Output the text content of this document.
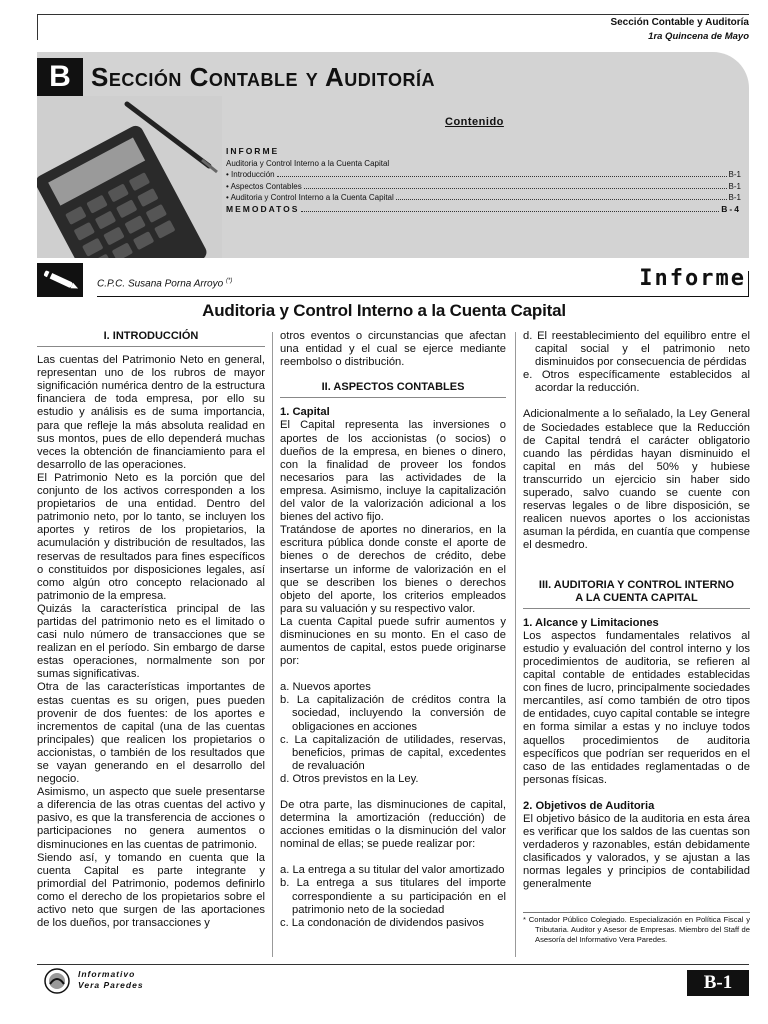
Sección Contable y Auditoría
1ra Quincena de Mayo
B Sección Contable y Auditoría
Contenido
INFORME
Auditoria y Control Interno a la Cuenta Capital
• Introducción	B-1
• Aspectos Contables	B-1
• Auditoria y Control Interno a la Cuenta Capital	B-1
MEMODATOS	B-4
C.P.C. Susana Porna Arroyo (*)	Informe
Auditoria y Control Interno a la Cuenta Capital

I. INTRODUCCIÓN

Las cuentas del Patrimonio Neto en general, representan uno de los rubros de mayor significación numérica dentro de la estructura financiera de toda empresa, por ello su estudio y análisis es de suma importancia, para que refleje la más absoluta realidad en sus montos, pues de ello dependerá muchas veces la obtención de financiamiento para el desarrollo de las operaciones.

El Patrimonio Neto es la porción que del conjunto de los activos corresponden a los propietarios de una entidad. Dentro del patrimonio neto, por lo tanto, se incluyen los aportes y retiros de los propietarios, la acumulación y distribución de resultados, las reservas de resultados para fines específicos o constituidos por disposiciones legales, así como algún otro concepto relacionado al patrimonio de la empresa.

Quizás la característica principal de las partidas del patrimonio neto es el limitado o casi nulo número de transacciones que se realizan en el período. Sin embargo de darse estas operaciones, normalmente son por sumas significativas.

Otra de las características importantes de estas cuentas es su origen, pues pueden provenir de dos fuentes: de los aportes e incrementos de capital (una de las cuentas principales) que realicen los propietarios o accionistas, o también de los resultados que se vayan generando en el desarrollo del negocio.

Asimismo, un aspecto que suele presentarse a diferencia de las otras cuentas del activo y pasivo, es que la transferencia de acciones o participaciones no genera aumentos o disminuciones en las cuentas de patrimonio.

Siendo así, y tomando en cuenta que la cuenta Capital es parte integrante y primordial del Patrimonio, podemos definirlo como el derecho de los propietarios sobre el activo neto que surgen de las aportaciones de los dueños, por transacciones y

otros eventos o circunstancias que afectan una entidad y el cual se ejerce mediante reembolso o distribución.

II. ASPECTOS CONTABLES

1. Capital

El Capital representa las inversiones o aportes de los accionistas (o socios) o dueños de la empresa, en bienes o dinero, con la finalidad de proveer los fondos necesarios para las actividades de la empresa. Asimismo, incluye la capitalización del valor de la valorización adicional a los bienes del activo fijo.

Tratándose de aportes no dinerarios, en la escritura pública donde conste el aporte de bienes o de derechos de crédito, debe insertarse un informe de valorización en el que se describen los bienes o derechos objeto del aporte, los criterios empleados para su valuación y su respectivo valor.

La cuenta Capital puede sufrir aumentos y disminuciones en su monto. En el caso de aumentos de capital, estos puede originarse por:

a. Nuevos aportes

b. La capitalización de créditos contra la sociedad, incluyendo la conversión de obligaciones en acciones

c. La capitalización de utilidades, reservas, beneficios, primas de capital, excedentes de revaluación

d. Otros previstos en la Ley.

De otra parte, las disminuciones de capital, determina la amortización (reducción) de acciones emitidas o la disminución del valor nominal de ellas; se puede realizar por:

a. La entrega a su titular del valor amortizado

b. La entrega a sus titulares del importe correspondiente a su participación en el patrimonio neto de la sociedad

c. La condonación de dividendos pasivos

d. El reestablecimiento del equilibro entre el capital social y el patrimonio neto disminuidos por consecuencia de pérdidas

e. Otros específicamente establecidos al acordar la reducción.

Adicionalmente a lo señalado, la Ley General de Sociedades establece que la Reducción de Capital tendrá el carácter obligatorio cuando las pérdidas hayan disminuido el capital en más del 50% y hubiese transcurrido un ejercicio sin haber sido superado, salvo cuando se cuente con reservas legales o de libre disposición, se realicen nuevos aportes o los accionistas asuman la pérdida, en cuantía que compense el desmedro.

III. AUDITORIA Y CONTROL INTERNO

A LA CUENTA CAPITAL

1. Alcance y Limitaciones

Los aspectos fundamentales relativos al estudio y evaluación del control interno y los procedimientos de auditoria, se refieren al capital contable de entidades establecidas con fines de lucro, principalmente sociedades mercantiles, así como también de otro tipos de entidades, cuyo capital contable se integre en forma similar a estas y no incluye todos aquellos procedimientos de auditoria específicos que podrían ser requeridos en el caso de las entidades reglamentadas o de personas físicas.

2. Objetivos de Auditoria

El objetivo básico de la auditoria en esta área es verificar que los saldos de las cuentas son verdaderos y razonables, están debidamente clasificados y valorados, y se ajustan a las normas legales y principios de contabilidad generalmente

* Contador Público Colegiado. Especialización en Política Fiscal y Tributaria. Auditor y Asesor de Empresas. Miembro del Staff de Asesoría del Informativo Vera Paredes.

Informativo
Vera Paredes	B-1
